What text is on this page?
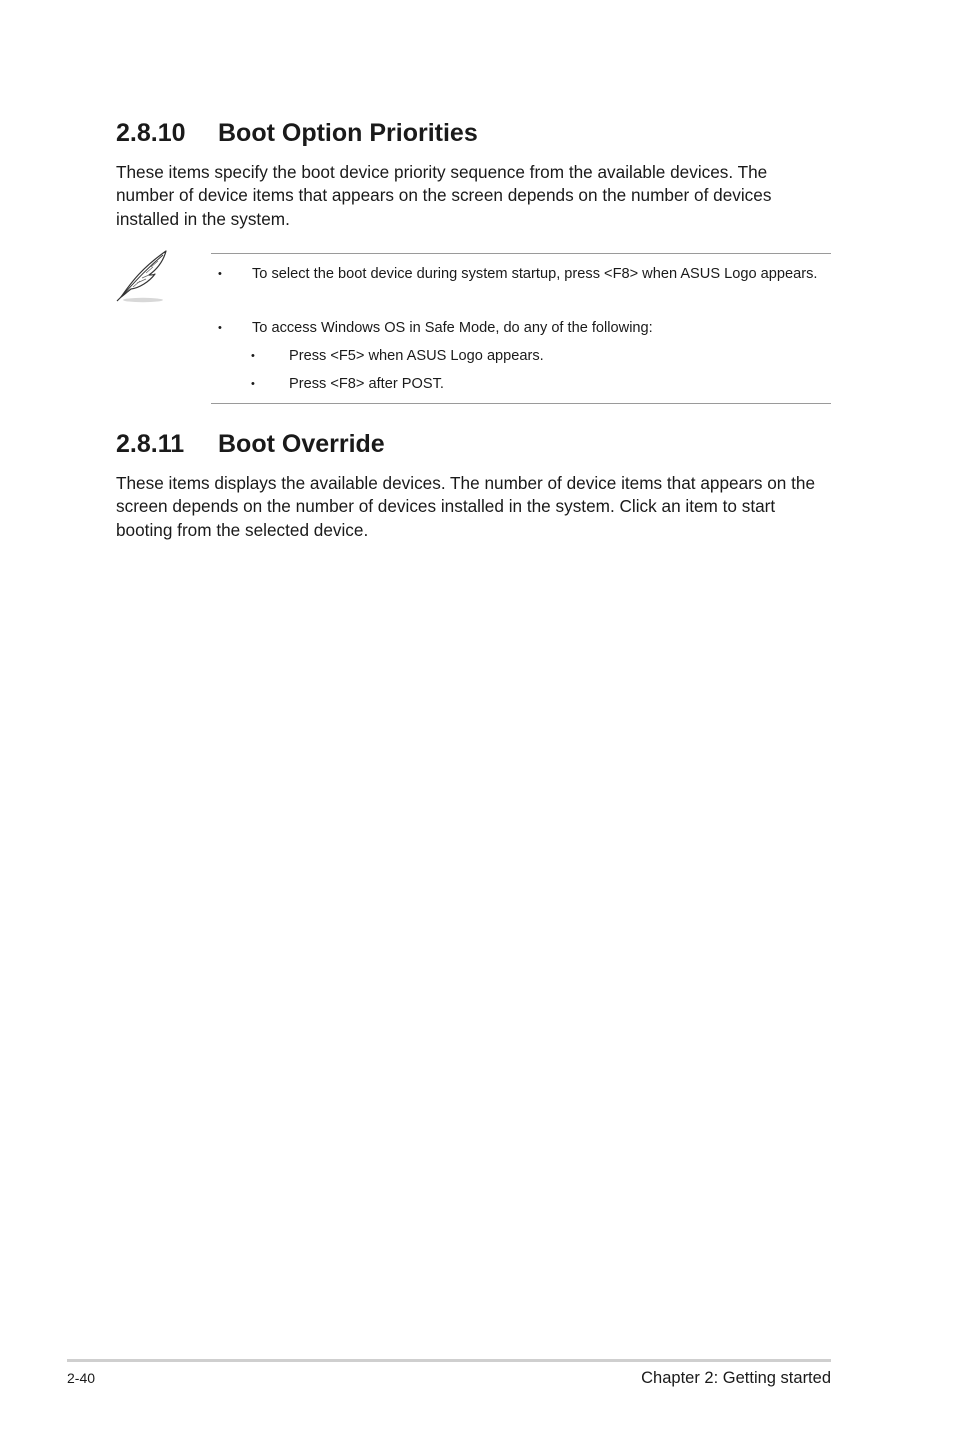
2.8.10 Boot Option Priorities

These items specify the boot device priority sequence from the available devices. The number of device items that appears on the screen depends on the number of devices installed in the system.

• To select the boot device during system startup, press <F8> when ASUS Logo appears.
• To access Windows OS in Safe Mode, do any of the following:
• Press <F5> when ASUS Logo appears.
• Press <F8> after POST.
2.8.11 Boot Override

These items displays the available devices. The number of device items that appears on the screen depends on the number of devices installed in the system. Click an item to start booting from the selected device.

2-40	Chapter 2: Getting started
